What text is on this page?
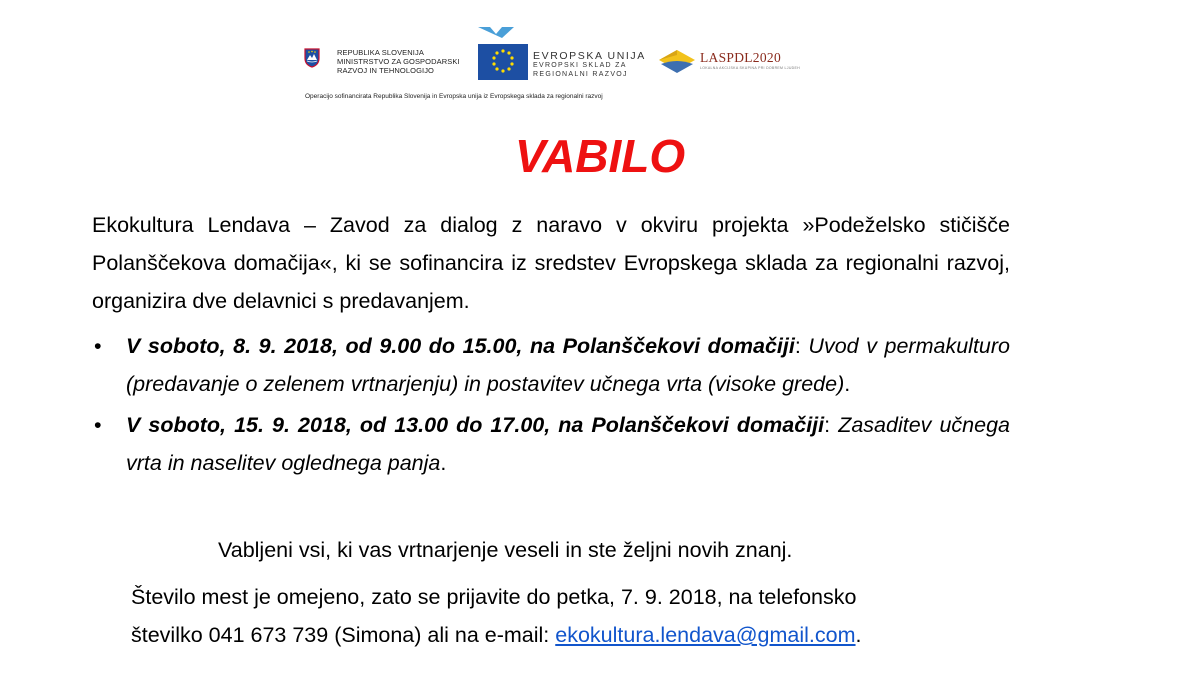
REPUBLIKA SLOVENIJA
MINISTRSTVO ZA GOSPODARSKI
RAZVOJ IN TEHNOLOGIJO
EVROPSKA UNIJA
EVROPSKI SKLAD ZA
REGIONALNI RAZVOJ
LASPDL2020
LOKALNA AKCIJSKA SKUPINA PRI DOBREM LJUDEH
Operacijo sofinancirata Republika Slovenija in Evropska unija iz Evropskega sklada za regionalni razvoj
VABILO
Ekokultura Lendava – Zavod za dialog z naravo v okviru projekta »Podeželsko stičišče Polanščekova domačija«, ki se sofinancira iz sredstev Evropskega sklada za regionalni razvoj, organizira dve delavnici s predavanjem.
• V soboto, 8. 9. 2018, od 9.00 do 15.00, na Polanščekovi domačiji: Uvod v permakulturo (predavanje o zelenem vrtnarjenju) in postavitev učnega vrta (visoke grede).
• V soboto, 15. 9. 2018, od 13.00 do 17.00, na Polanščekovi domačiji: Zasaditev učnega vrta in naselitev oglednega panja.
Vabljeni vsi, ki vas vrtnarjenje veseli in ste željni novih znanj.
Število mest je omejeno, zato se prijavite do petka, 7. 9. 2018, na telefonsko
številko 041 673 739 (Simona) ali na e-mail: ekokultura.lendava@gmail.com.
